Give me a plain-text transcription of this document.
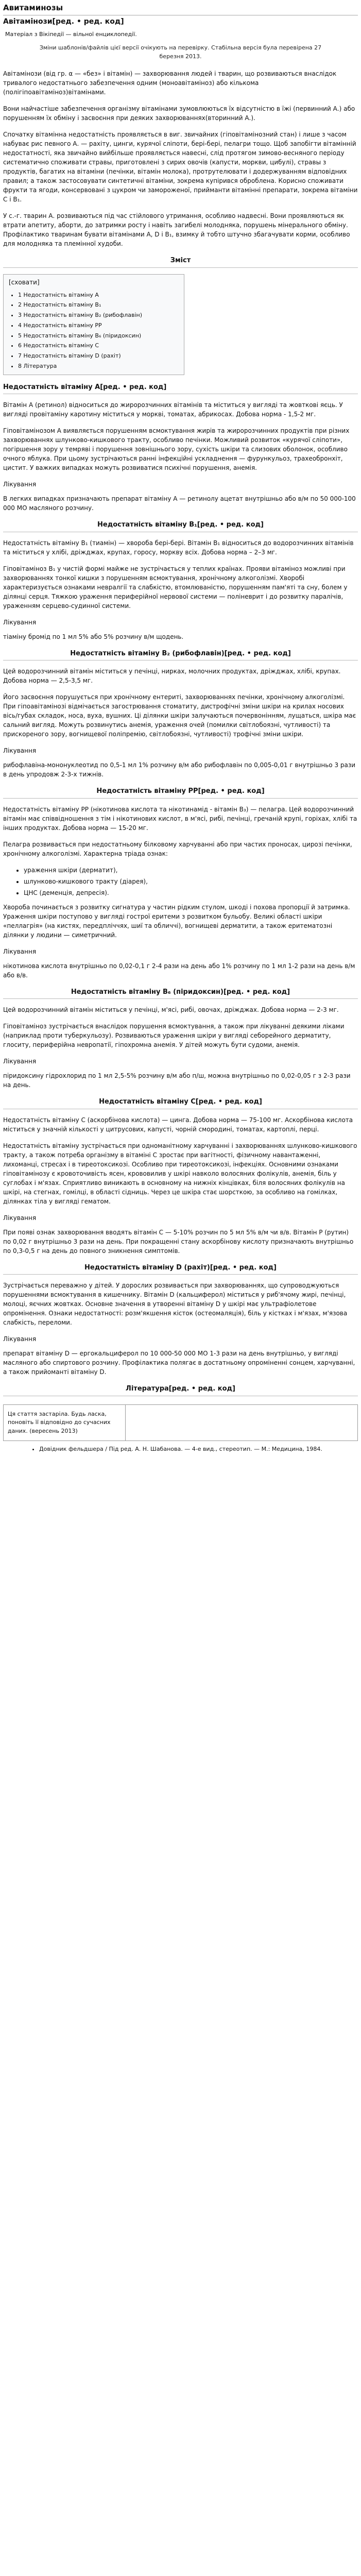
Авитаминозы
Авітамінози[ред. • ред. код]
Матеріал з Вікіпедії — вільної енциклопедії.
Зміни шаблонів/файлів цієї версії очікують на перевірку. Стабільна версія була перевірена 27 березня 2013.

Авітамінози (від гр. α — «без» і вітамін) — захворювання людей і тварин, що розвиваються внаслідок тривалого недостатнього забезпечення одним (моноавітаміноз) або кількома (полігіпоавітаміноз)вітамінами.

Вони найчастіше забезпечення організму вітамінами зумовлюються їх відсутністю в їжі (первинний А.) або порушенням їх обміну і засвоєння при деяких захворюваннях(вторинний А.).

Спочатку вітамінна недостатність проявляється в виг. звичайних (гіповітамінозний стан) і лише з часом набуває рис певного А. — рахіту, цинги, курячої сліпоти, бері-бері, пелагри тощо. Щоб запобігти вітамінній недостатності, яка звичайно вийбільше проявляється навесні, слід протягом зимово-весняного періоду систематично споживати стравы, приготовлені з сирих овочів (капусти, моркви, цибулі), стравы з продуктів, багатих на вітаміни (печінки, вітамін молока), протрутелювати і додержуванням відповідних правил; а також застосовувати синтетичні вітаміни, зокрема купірився оброблена. Корисно споживати фрукти та ягоди, консервовані з цукром чи замороженої, прийманти вітамінні препарати, зокрема вітаміни С і В₁.

У с.-г. тварин А. розвиваються під час стійлового утримання, особливо надвесні. Вони проявляються як втрати апетиту, аборти, до затримки росту і навіть загибелі молодняка, порушень мінерального обміну. Профілактико тваринам бувати вітамінами А, D і В₁, взимку й тобто штучно збагачувати корми, особливо для молодняка та племінної худоби.

Зміст
[сховати]
• 1 Недостатність вітаміну А
• 2 Недостатність вітаміну В₁
• 3 Недостатність вітаміну В₂ (рибофлавін)
• 4 Недостатність вітаміну РР
• 5 Недостатність вітаміну В₆ (піридоксин)
• 6 Недостатність вітаміну С
• 7 Недостатність вітаміну D (рахіт)
• 8 Література
Недостатність вітаміну А[ред. • ред. код]

Вітамін А (ретинол) відноситься до жиророзчинних вітамінів та міститься у вигляді та жовткові яєць. У вигляді провітаміну каротину міститься у моркві, томатах, абрикосах. Добова норма - 1,5-2 мг.

Гіповітамінозом А виявляється порушенням всмоктування жирів та жиророзчинних продуктів при різних захворюваннях шлунково-кишкового тракту, особливо печінки. Можливий розвиток «курячої сліпоти», погіршення зору у темряві і порушення зовнішнього зору, сухість шкіри та слизових оболонок, особливо очного яблука. При цьому зустрічаються ранні інфекційні ускладнення — фурункульоз, трахеобронхіт, цистит. У важких випадках можуть розвиватися психічні порушення, анемія.

Лікування

В легких випадках призначають препарат вітаміну А — ретинолу ацетат внутрішньо або в/м по 50 000-100 000 МО масляного розчину.

Недостатність вітаміну В₁[ред. • ред. код]

Недостатність вітаміну В₁ (тиамін) — хвороба бері-бері. Вітамін В₁ відноситься до водорозчинних вітамінів та міститься у хлібі, дріжджах, крупах, горосу, моркву всіх. Добова норма – 2–3 мг.

Гіповітаміноз В₁ у чистій формі майже не зустрічається у теплих країнах. Прояви вітаміноз можливі при захворюваннях тонкої кишки з порушенням всмоктування, хронічному алкоголізмі. Хворобi характеризується ознаками невралгії та слабкістю, втомлюваністю, порушенням пам'яті та сну, болем у ділянці серця. Тяжкою ураження периферійної нервової системи — поліневрит і до розвитку паралічів, ураженням серцево-судинної системи.

Лікування

тіаміну бромід по 1 мл 5% або 5% розчину в/м щодень.

Недостатність вітаміну В₂ (рибофлавін)[ред. • ред. код]

Цей водорозчинний вітамін міститься у печінці, нирках, молочних продуктах, дріжджах, хлібі, крупах. Добова норма — 2,5-3,5 мг.

Його засвоєння порушується при хронічному ентериті, захворюваннях печінки, хронічному алкоголізмі. При гіпоавітамінозі відмічається загострювання стоматиту, дистрофічні зміни шкіри на крилах носових вісь/губах складок, носа, вуха, вушних. Ці ділянки шкіри залучаються почервонінням, лущаться, шкіра має сальний вигляд. Можуть розвинутись анемія, ураження очей (помилки світлобоязні, чутливості) та прискореного зору, вогнищевої поліпремію, світлобоязні, чутливості) трофічні зміни шкіри.

Лікування

рибофлавіна-мононуклеотид по 0,5-1 мл 1% розчину в/м або рибофлавін по 0,005-0,01 г внутрішньо 3 рази в день упродовж 2-3-х тижнів.

Недостатність вітаміну РР[ред. • ред. код]

Недостатність вітаміну РР (нікотинова кислота та нікотинамід - вітамін В₃) — пелагра. Цей водорозчинний вітамін має співвідношення з тім і нікотинових кислот, в м'ясі, рибі, печінці, гречаній крупі, горіхах, хлібі та інших продуктах. Добова норма — 15-20 мг.

Пелагра розвивається при недостатньому білковому харчуванні або при частих проносах, цирозі печінки, хронічному алкоголізмі. Характерна тріада ознак:

• ураження шкіри (дерматит),
• шлунково-кишкового тракту (діарея),
• ЦНС (деменція, депресія).

Хвороба починається з розвитку сигнатура у частин рідким стулом, шкоді і похова пропорції й затримка. Ураження шкіри поступово у вигляді гострої еритеми з розвитком бульобу. Великі області шкіри «пеллагрія» (на кистях, передпліччях, шиї та обличчі), вогнищеві дерматити, а також еритематозні ділянки у людини — симетричний.

Лікування

нікотинова кислота внутрішньо по 0,02-0,1 г 2-4 рази на день або 1% розчину по 1 мл 1-2 рази на день в/м або в/в.

Недостатність вітаміну В₆ (піридоксин)[ред. • ред. код]

Цей водорозчинний вітамін міститься у печінці, м'ясі, рибі, овочах, дріжджах. Добова норма — 2-3 мг.

Гіповітаміноз зустрічається внаслідок порушення всмоктування, а також при лікуванні деякими ліками (наприклад проти туберкульозу). Розвиваються ураження шкіри у вигляді себорейного дерматиту, глоситу, периферійна невропатії, гіпохромна анемія. У дітей можуть бути судоми, анемія.

Лікування

піридоксину гідрохлорид по 1 мл 2,5-5% розчину в/м або п/ш, можна внутрішньо по 0,02-0,05 г з 2-3 рази на день.

Недостатність вітаміну С[ред. • ред. код]

Недостатність вітаміну С (аскорбінова кислота) — цинга. Добова норма — 75-100 мг. Аскорбінова кислота міститься у значній кількості у цитрусових, капусті, чорній смородині, томатах, картоплі, перці.

Недостатність вітаміну зустрічається при одноманітному харчуванні і захворюваннях шлунково-кишкового тракту, а також потреба організму в вітаміні С зростає при вагітності, фізичному навантаженні, лихоманці, стресах і в тиреотоксикозі. Особливо при тиреотоксикозі, інфекціях. Основними ознаками гіповітамінозу є кровоточивість ясен, крововилив у шкірі навколо волосяних фолікулів, анемія, біль у суглобах і м'язах. Сприятливо виникають в основному на нижніх кінцівках, біля волосяних фолікулів на шкірі, на стегнах, гомілці, в області сідниць. Через це шкіра стає шорсткою, за особливо на гомілках, ділянках тіла у вигляді гематом.

Лікування

При появі ознак захворювання вводять вітамін С — 5-10% розчин по 5 мл 5% в/м чи в/в. Вітамін Р (рутин) по 0,02 г внутрішньо 3 рази на день. При покращенні стану аскорбінову кислоту призначають внутрішньо по 0,3-0,5 г на день до повного зникнення симптомів.

Недостатність вітаміну D (рахіт)[ред. • ред. код]

Зустрічається переважно у дітей. У дорослих розвивається при захворюваннях, що супроводжуються порушеннями всмоктування в кишечнику. Вітамін D (кальциферол) міститься у риб'ячому жирі, печінці, молоці, яєчних жовтках. Основне значення в утворенні вітаміну D у шкірі має ультрафіолетове опромінення. Ознаки недостатності: розм'якшення кісток (остеомаляція), біль у кістках і м'язах, м'язова слабкість, переломи.

Лікування

препарат вітаміну D — ергокальциферол по 10 000-50 000 МО 1-3 рази на день внутрішньо, у вигляді масляного або спиртового розчину. Профілактика полягає в достатньому опроміненні сонцем, харчуванні, а також прийоманті вітаміну D.

Література[ред. • ред. код]
Ця стаття застаріла. Будь ласка, поновіть її відповідно до сучасних даних. (вересень 2013)
• Довідник фельдшера / Під ред. А. Н. Шабанова. — 4-е вид., стереотип. — М.: Медицина, 1984.
